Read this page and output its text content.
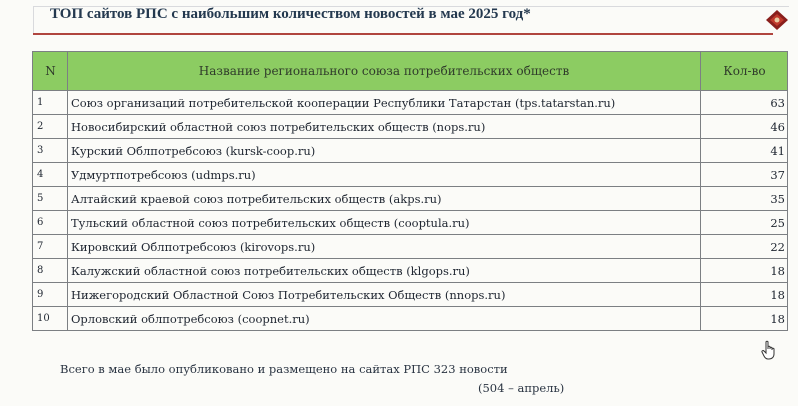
ТОП сайтов РПС с наибольшим количеством новостей в мае 2025 год*
N	Название регионального союза потребительских обществ	Кол-во
1	Союз организаций потребительской кооперации Республики Татарстан (tps.tatarstan.ru)	63
2	Новосибирский областной союз потребительских обществ (nops.ru)	46
3	Курский Облпотребсоюз (kursk-coop.ru)	41
4	Удмуртпотребсоюз (udmps.ru)	37
5	Алтайский краевой союз потребительских обществ (akps.ru)	35
6	Тульский областной союз потребительских обществ (cooptula.ru)	25
7	Кировский Облпотребсоюз (kirovops.ru)	22
8	Калужский областной союз потребительских обществ (klgops.ru)	18
9	Нижегородский Областной Союз Потребительских Обществ (nnops.ru)	18
10	Орловский облпотребсоюз (coopnet.ru)	18
Всего в мае было опубликовано и размещено на сайтах РПС 323 новости
(504 – апрель)
